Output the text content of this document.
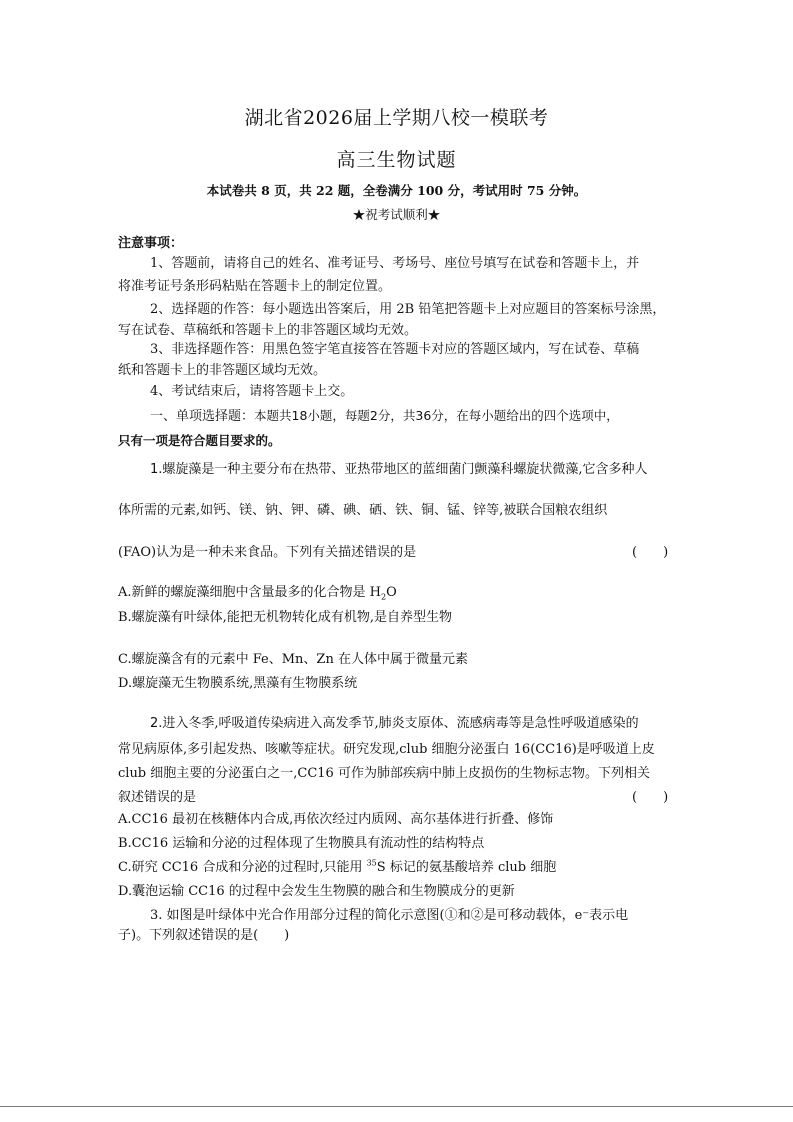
湖北省2026届上学期八校一模联考
高三生物试题
本试卷共 8 页，共 22 题，全卷满分 100 分，考试用时 75 分钟。
★祝考试顺利★
注意事项：
1、答题前，请将自己的姓名、准考证号、考场号、座位号填写在试卷和答题卡上，并
将准考证号条形码粘贴在答题卡上的制定位置。
2、选择题的作答：每小题选出答案后，用 2B 铅笔把答题卡上对应题目的答案标号涂黑，
写在试卷、草稿纸和答题卡上的非答题区域均无效。
3、非选择题作答：用黑色签字笔直接答在答题卡对应的答题区域内，写在试卷、草稿
纸和答题卡上的非答题区域均无效。
4、考试结束后，请将答题卡上交。
一、单项选择题：本题共18小题，每题2分，共36分，在每小题给出的四个选项中，
只有一项是符合题目要求的。
1.螺旋藻是一种主要分布在热带、亚热带地区的蓝细菌门颤藻科螺旋状微藻,它含多种人
体所需的元素,如钙、镁、钠、钾、磷、碘、硒、铁、铜、锰、锌等,被联合国粮农组织
(FAO)认为是一种未来食品。下列有关描述错误的是	(　　)
A.新鲜的螺旋藻细胞中含量最多的化合物是 $H_2O$
B.螺旋藻有叶绿体,能把无机物转化成有机物,是自养型生物
C.螺旋藻含有的元素中 Fe、Mn、Zn 在人体中属于微量元素
D.螺旋藻无生物膜系统,黑藻有生物膜系统
2.进入冬季,呼吸道传染病进入高发季节,肺炎支原体、流感病毒等是急性呼吸道感染的
常见病原体,多引起发热、咳嗽等症状。研究发现,club 细胞分泌蛋白 16(CC16)是呼吸道上皮
club 细胞主要的分泌蛋白之一,CC16 可作为肺部疾病中肺上皮损伤的生物标志物。下列相关
叙述错误的是	(　　)
A.CC16 最初在核糖体内合成,再依次经过内质网、高尔基体进行折叠、修饰
B.CC16 运输和分泌的过程体现了生物膜具有流动性的结构特点
C.研究 CC16 合成和分泌的过程时,只能用 $^{35}$S 标记的氨基酸培养 club 细胞
D.囊泡运输 CC16 的过程中会发生生物膜的融合和生物膜成分的更新
3. 如图是叶绿体中光合作用部分过程的简化示意图(①和②是可移动载体，e⁻表示电
子)。下列叙述错误的是(　　)
